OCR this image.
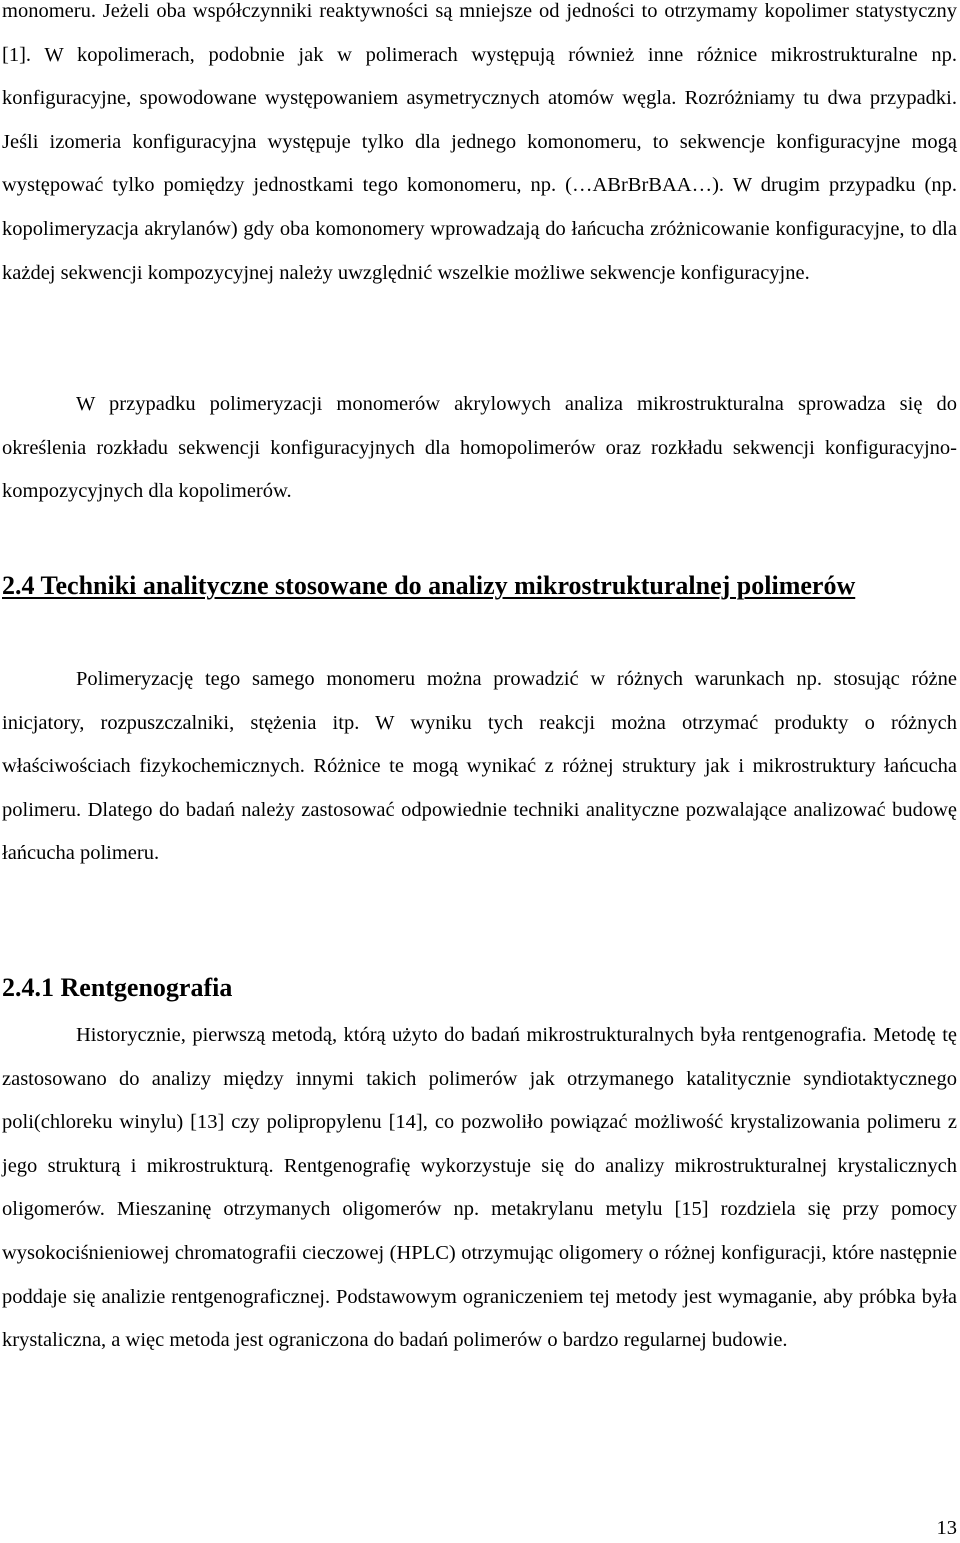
monomeru. Jeżeli oba współczynniki reaktywności są mniejsze od jedności to otrzymamy kopolimer statystyczny [1]. W kopolimerach, podobnie jak w polimerach występują również inne różnice mikrostrukturalne np. konfiguracyjne, spowodowane występowaniem asymetrycznych atomów węgla. Rozróżniamy tu dwa przypadki. Jeśli izomeria konfiguracyjna występuje tylko dla jednego komonomeru, to sekwencje konfiguracyjne mogą występować tylko pomiędzy jednostkami tego komonomeru, np. (…ABrBrBAA…). W drugim przypadku (np. kopolimeryzacja akrylanów) gdy oba komonomery wprowadzają do łańcucha zróżnicowanie konfiguracyjne, to dla każdej sekwencji kompozycyjnej należy uwzględnić wszelkie możliwe sekwencje konfiguracyjne.

W przypadku polimeryzacji monomerów akrylowych analiza mikrostrukturalna sprowadza się do określenia rozkładu sekwencji konfiguracyjnych dla homopolimerów oraz rozkładu sekwencji konfiguracyjno-kompozycyjnych dla kopolimerów.

2.4 Techniki analityczne stosowane do analizy mikrostrukturalnej polimerów

Polimeryzację tego samego monomeru można prowadzić w różnych warunkach np. stosując różne inicjatory, rozpuszczalniki, stężenia itp. W wyniku tych reakcji można otrzymać produkty o różnych właściwościach fizykochemicznych. Różnice te mogą wynikać z różnej struktury jak i mikrostruktury łańcucha polimeru. Dlatego do badań należy zastosować odpowiednie techniki analityczne pozwalające analizować budowę łańcucha polimeru.

2.4.1 Rentgenografia

Historycznie, pierwszą metodą, którą użyto do badań mikrostrukturalnych była rentgenografia. Metodę tę zastosowano do analizy między innymi takich polimerów jak otrzymanego katalitycznie syndiotaktycznego poli(chloreku winylu) [13] czy polipropylenu [14], co pozwoliło powiązać możliwość krystalizowania polimeru z jego strukturą i mikrostrukturą. Rentgenografię wykorzystuje się do analizy mikrostrukturalnej krystalicznych oligomerów. Mieszaninę otrzymanych oligomerów np. metakrylanu metylu [15] rozdziela się przy pomocy wysokociśnieniowej chromatografii cieczowej (HPLC) otrzymując oligomery o różnej konfiguracji, które następnie poddaje się analizie rentgenograficznej. Podstawowym ograniczeniem tej metody jest wymaganie, aby próbka była krystaliczna, a więc metoda jest ograniczona do badań polimerów o bardzo regularnej budowie.

13
